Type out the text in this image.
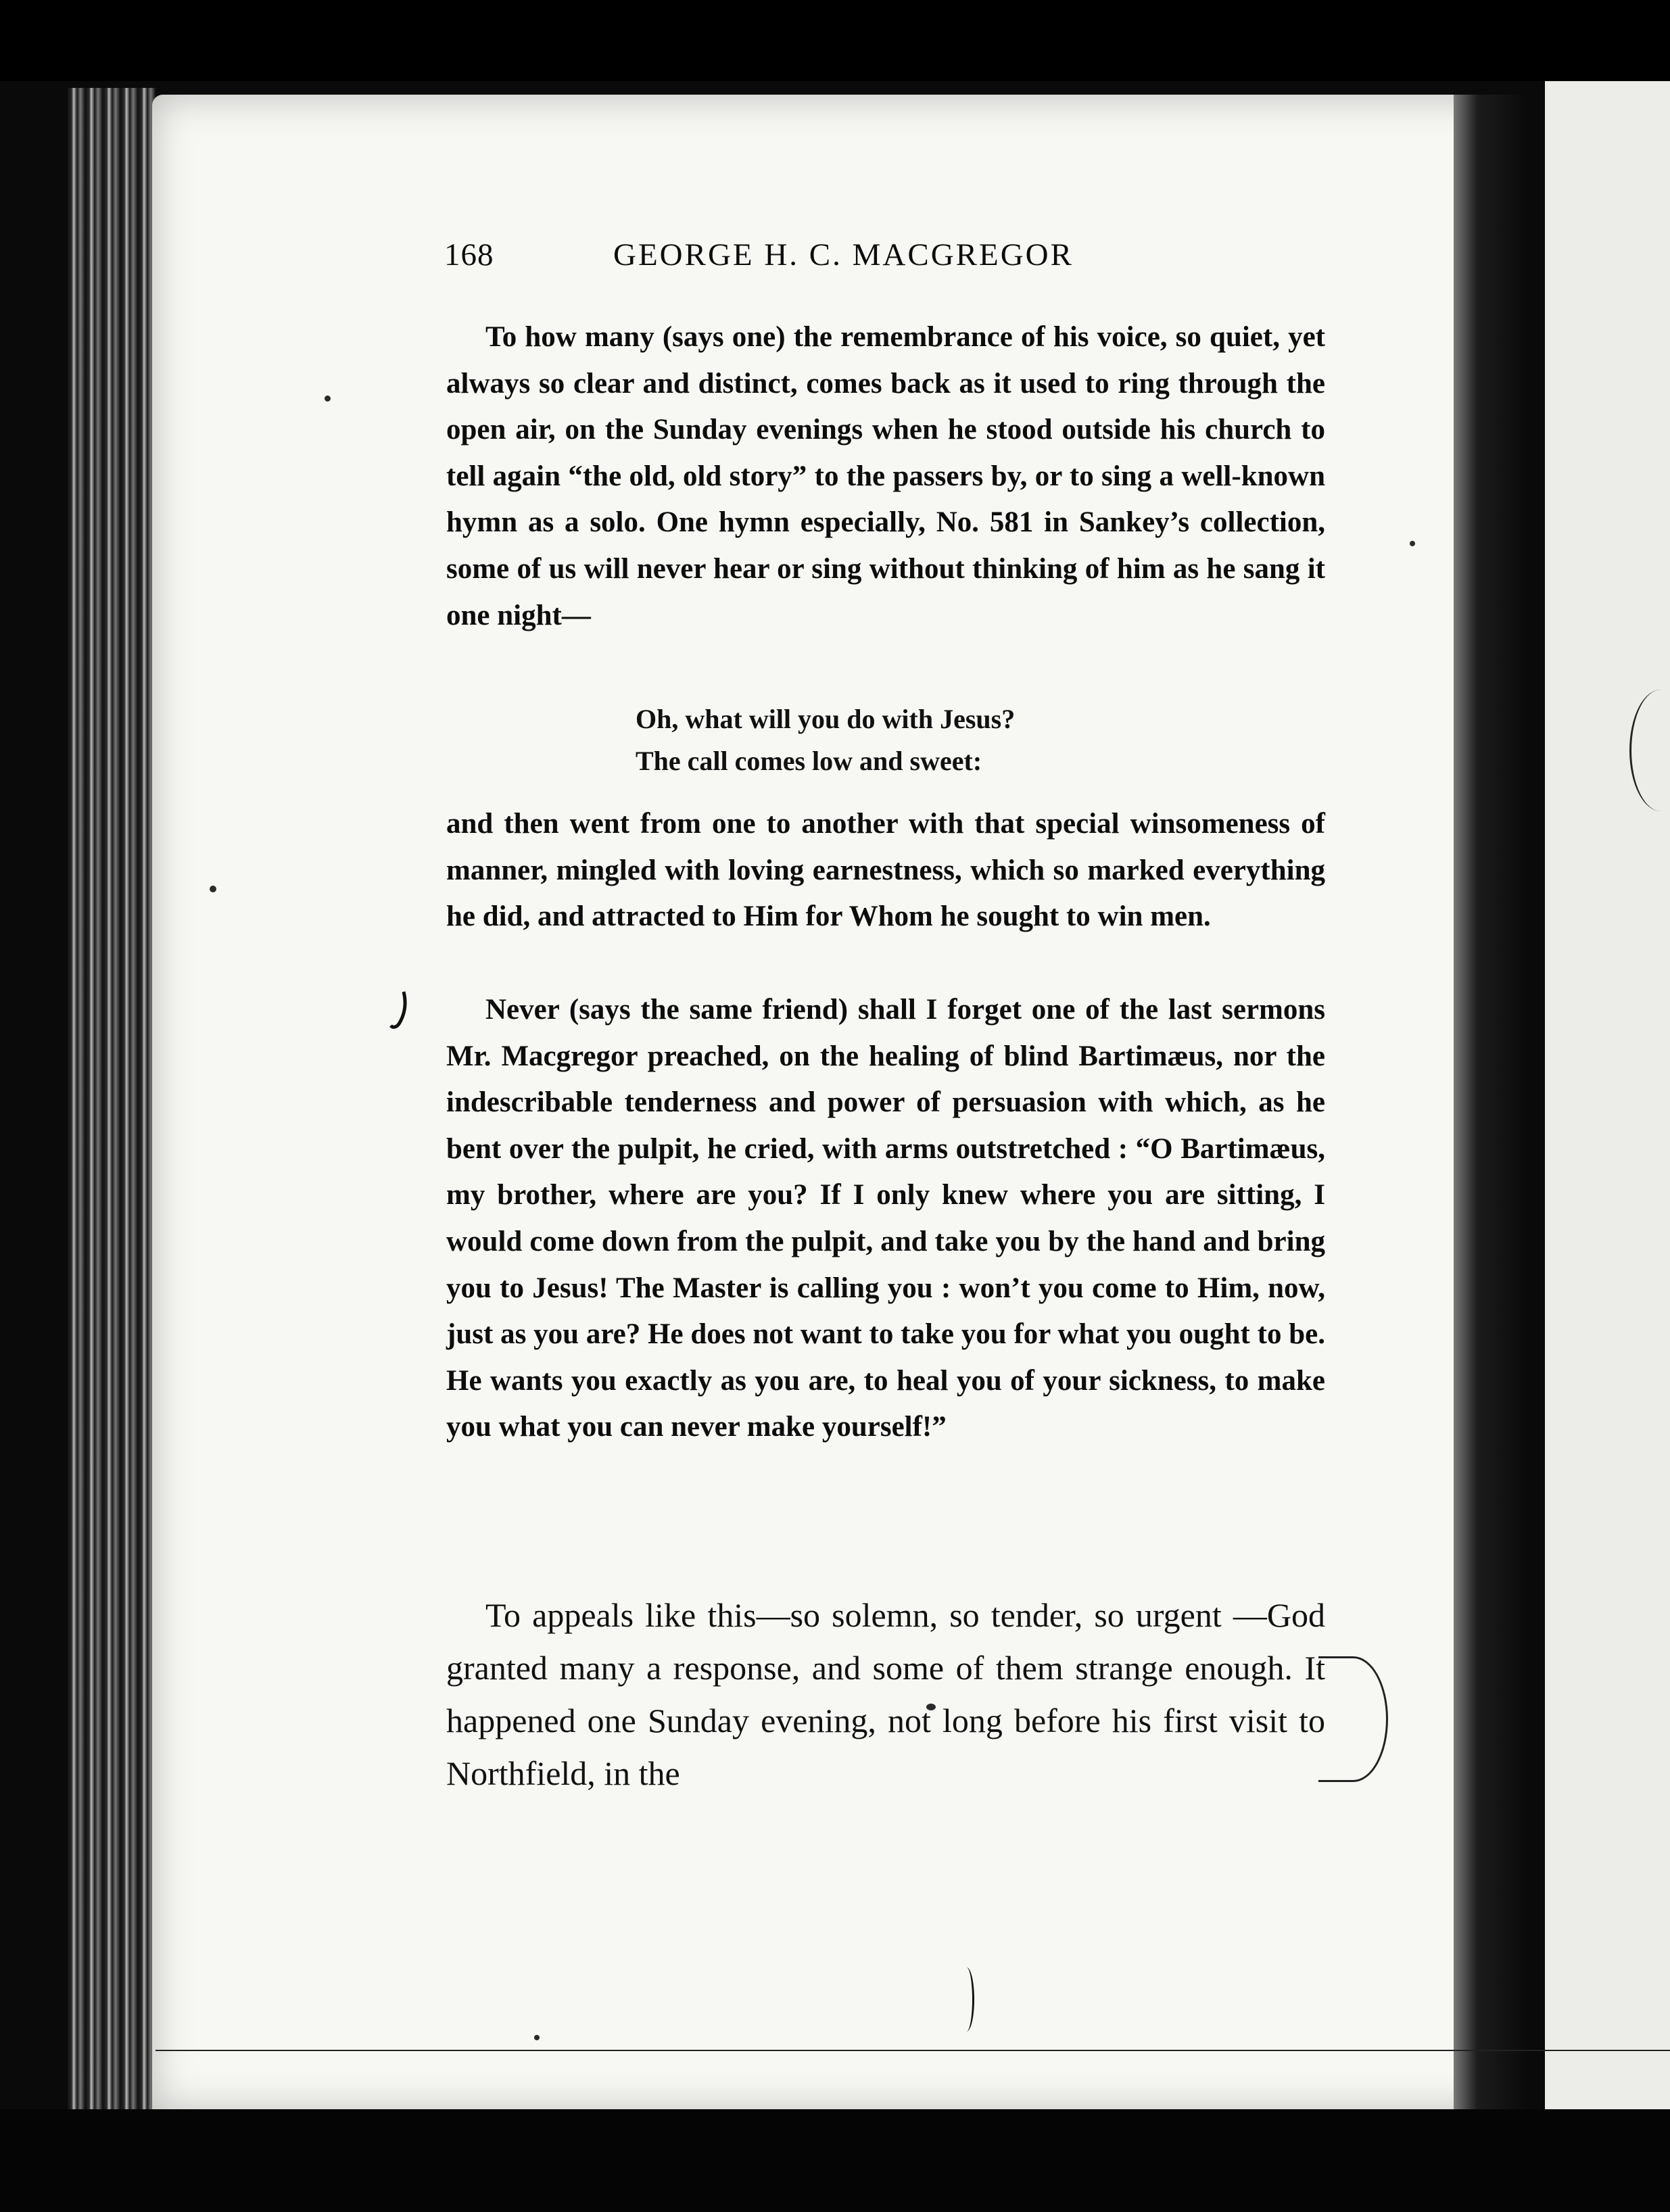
168	GEORGE H. C. MACGREGOR

To how many (says one) the remembrance of his voice, so quiet, yet always so clear and distinct, comes back as it used to ring through the open air, on the Sunday evenings when he stood outside his church to tell again “the old, old story” to the passers by, or to sing a well-known hymn as a solo. One hymn especially, No. 581 in Sankey’s collection, some of us will never hear or sing without thinking of him as he sang it one night—

Oh, what will you do with Jesus?
The call comes low and sweet:

and then went from one to another with that special winsomeness of manner, mingled with loving earnestness, which so marked everything he did, and attracted to Him for Whom he sought to win men.

Never (says the same friend) shall I forget one of the last sermons Mr. Macgregor preached, on the healing of blind Bartimæus, nor the indescribable tenderness and power of persuasion with which, as he bent over the pulpit, he cried, with arms outstretched : “O Bartimæus, my brother, where are you? If I only knew where you are sitting, I would come down from the pulpit, and take you by the hand and bring you to Jesus! The Master is calling you : won’t you come to Him, now, just as you are? He does not want to take you for what you ought to be. He wants you exactly as you are, to heal you of your sickness, to make you what you can never make yourself!”

To appeals like this—so solemn, so tender, so urgent —God granted many a response, and some of them strange enough. It happened one Sunday evening, not long before his first visit to Northfield, in the
